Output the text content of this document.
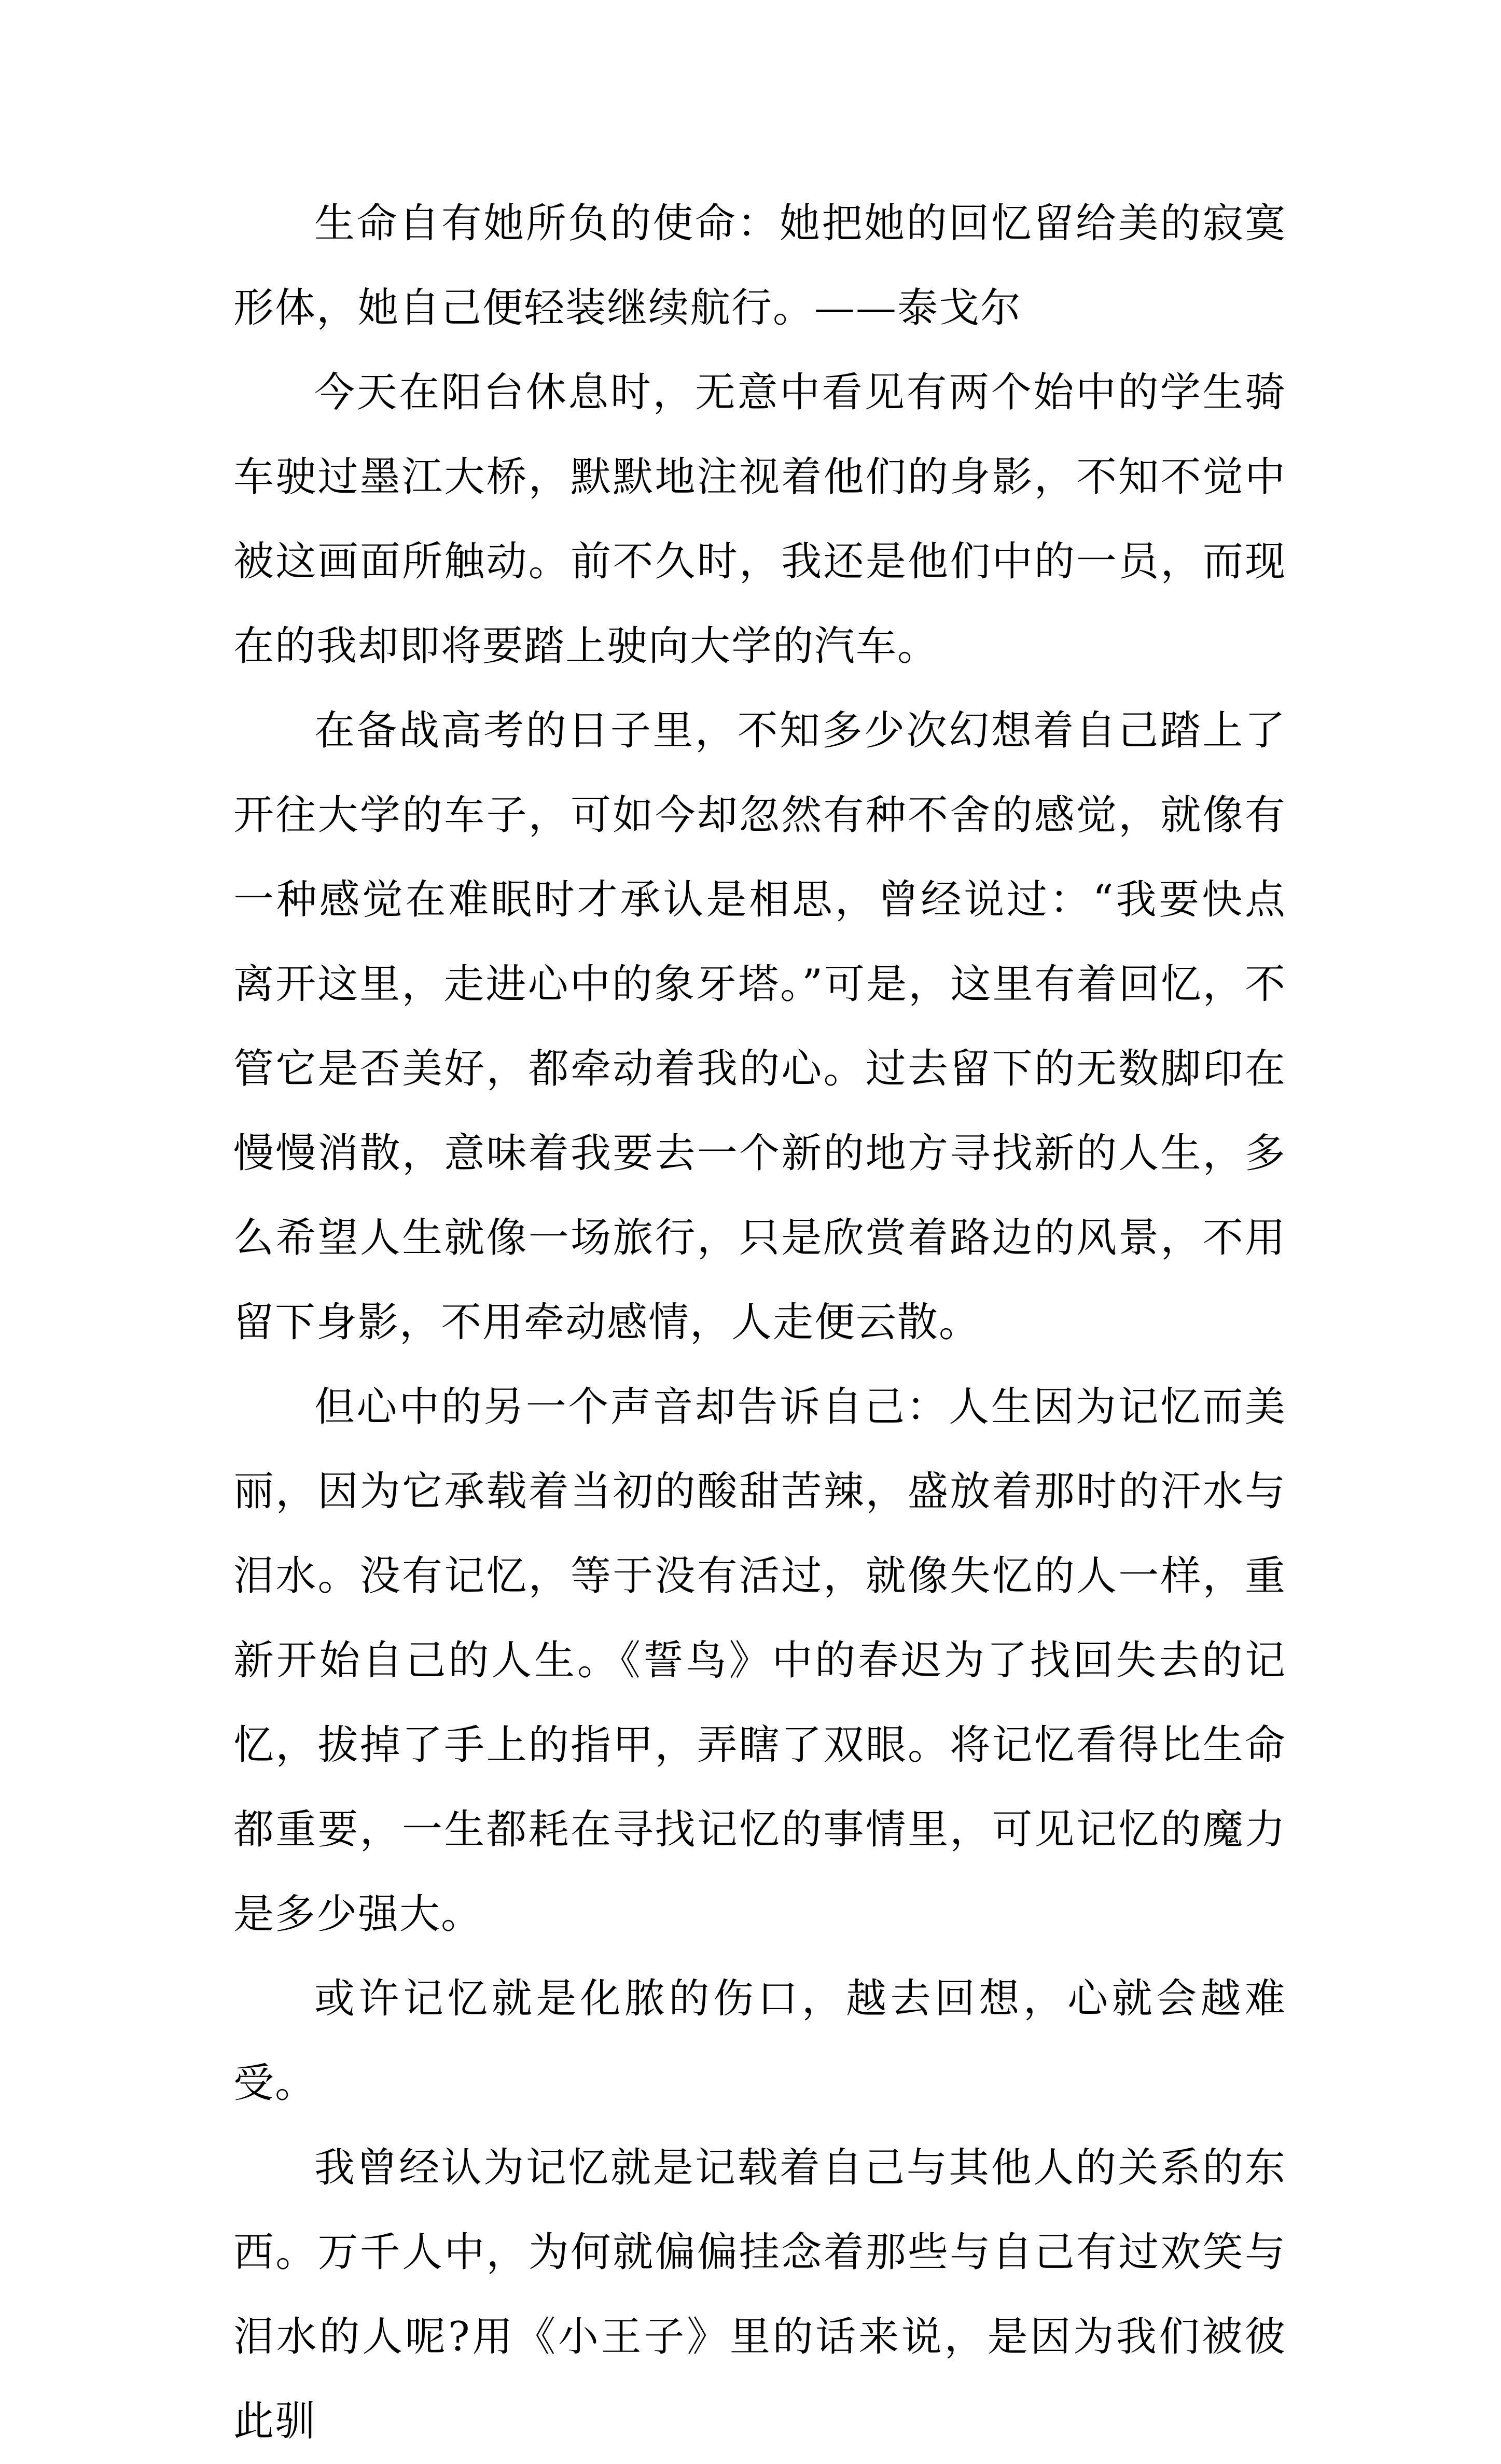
生命自有她所负的使命：她把她的回忆留给美的寂寞形体，她自己便轻装继续航行。——泰戈尔

今天在阳台休息时，无意中看见有两个始中的学生骑车驶过墨江大桥，默默地注视着他们的身影，不知不觉中被这画面所触动。前不久时，我还是他们中的一员，而现在的我却即将要踏上驶向大学的汽车。

在备战高考的日子里，不知多少次幻想着自己踏上了开往大学的车子，可如今却忽然有种不舍的感觉，就像有一种感觉在难眠时才承认是相思，曾经说过：“我要快点离开这里，走进心中的象牙塔。”可是，这里有着回忆，不管它是否美好，都牵动着我的心。过去留下的无数脚印在慢慢消散，意味着我要去一个新的地方寻找新的人生，多么希望人生就像一场旅行，只是欣赏着路边的风景，不用留下身影，不用牵动感情，人走便云散。

但心中的另一个声音却告诉自己：人生因为记忆而美丽，因为它承载着当初的酸甜苦辣，盛放着那时的汗水与泪水。没有记忆，等于没有活过，就像失忆的人一样，重新开始自己的人生。《誓鸟》中的春迟为了找回失去的记忆，拔掉了手上的指甲，弄瞎了双眼。将记忆看得比生命都重要，一生都耗在寻找记忆的事情里，可见记忆的魔力是多少强大。

或许记忆就是化脓的伤口，越去回想，心就会越难受。

我曾经认为记忆就是记载着自己与其他人的关系的东西。万千人中，为何就偏偏挂念着那些与自己有过欢笑与泪水的人呢?用《小王子》里的话来说，是因为我们被彼此驯
